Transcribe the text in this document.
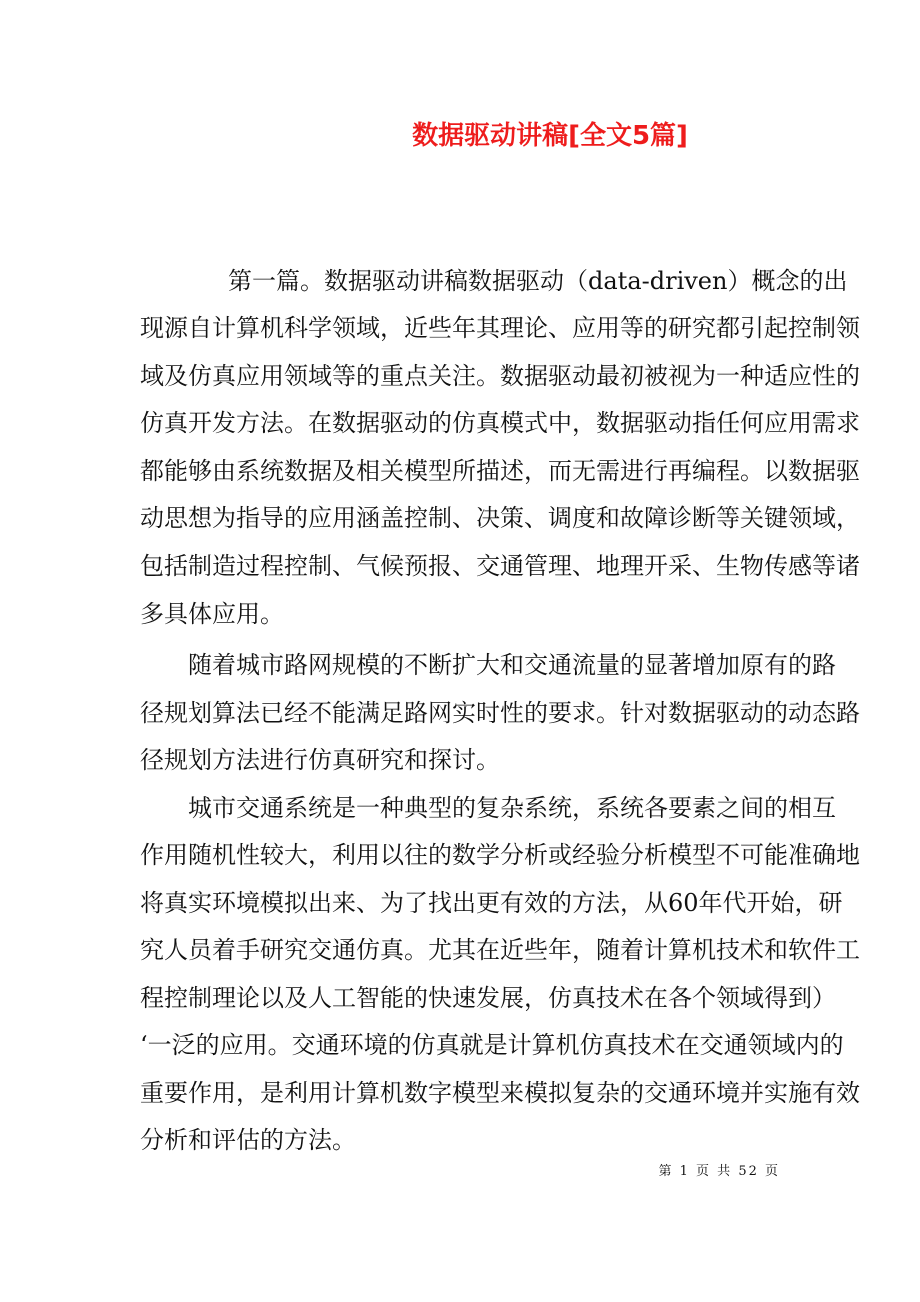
数据驱动讲稿[全文5篇]
第一篇。数据驱动讲稿数据驱动（data-driven）概念的出
现源自计算机科学领域，近些年其理论、应用等的研究都引起控制领
域及仿真应用领域等的重点关注。数据驱动最初被视为一种适应性的
仿真开发方法。在数据驱动的仿真模式中，数据驱动指任何应用需求
都能够由系统数据及相关模型所描述，而无需进行再编程。以数据驱
动思想为指导的应用涵盖控制、决策、调度和故障诊断等关键领域，
包括制造过程控制、气候预报、交通管理、地理开采、生物传感等诸
多具体应用。
随着城市路网规模的不断扩大和交通流量的显著增加原有的路
径规划算法已经不能满足路网实时性的要求。针对数据驱动的动态路
径规划方法进行仿真研究和探讨。
城市交通系统是一种典型的复杂系统，系统各要素之间的相互
作用随机性较大，利用以往的数学分析或经验分析模型不可能准确地
将真实环境模拟出来、为了找出更有效的方法，从60年代开始，研
究人员着手研究交通仿真。尤其在近些年，随着计算机技术和软件工
程控制理论以及人工智能的快速发展，仿真技术在各个领域得到）
‘一泛的应用。交通环境的仿真就是计算机仿真技术在交通领域内的
重要作用，是利用计算机数字模型来模拟复杂的交通环境并实施有效
分析和评估的方法。
第 1 页 共 52 页
